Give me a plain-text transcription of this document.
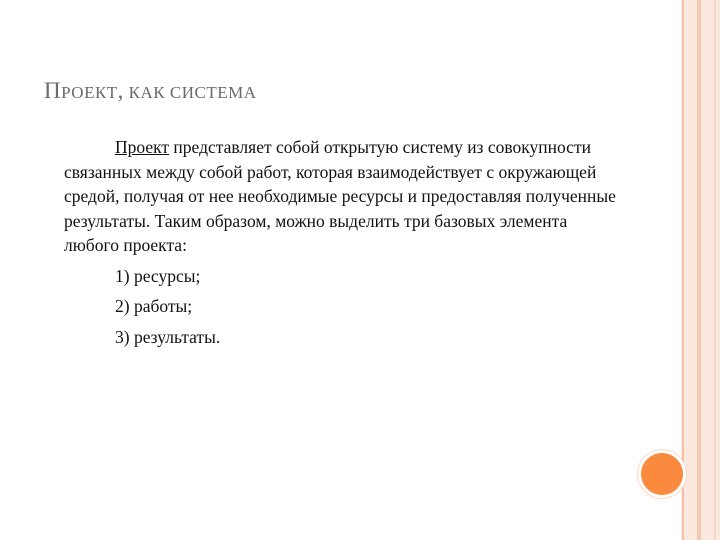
ПРОЕКТ, КАК СИСТЕМА

Проект представляет собой открытую систему из совокупности связанных между собой работ, которая взаимодействует с окружающей средой, получая от нее необходимые ресурсы и предоставляя полученные результаты. Таким образом, можно выделить три базовых элемента любого проекта:

1) ресурсы;
2) работы;
3) результаты.
